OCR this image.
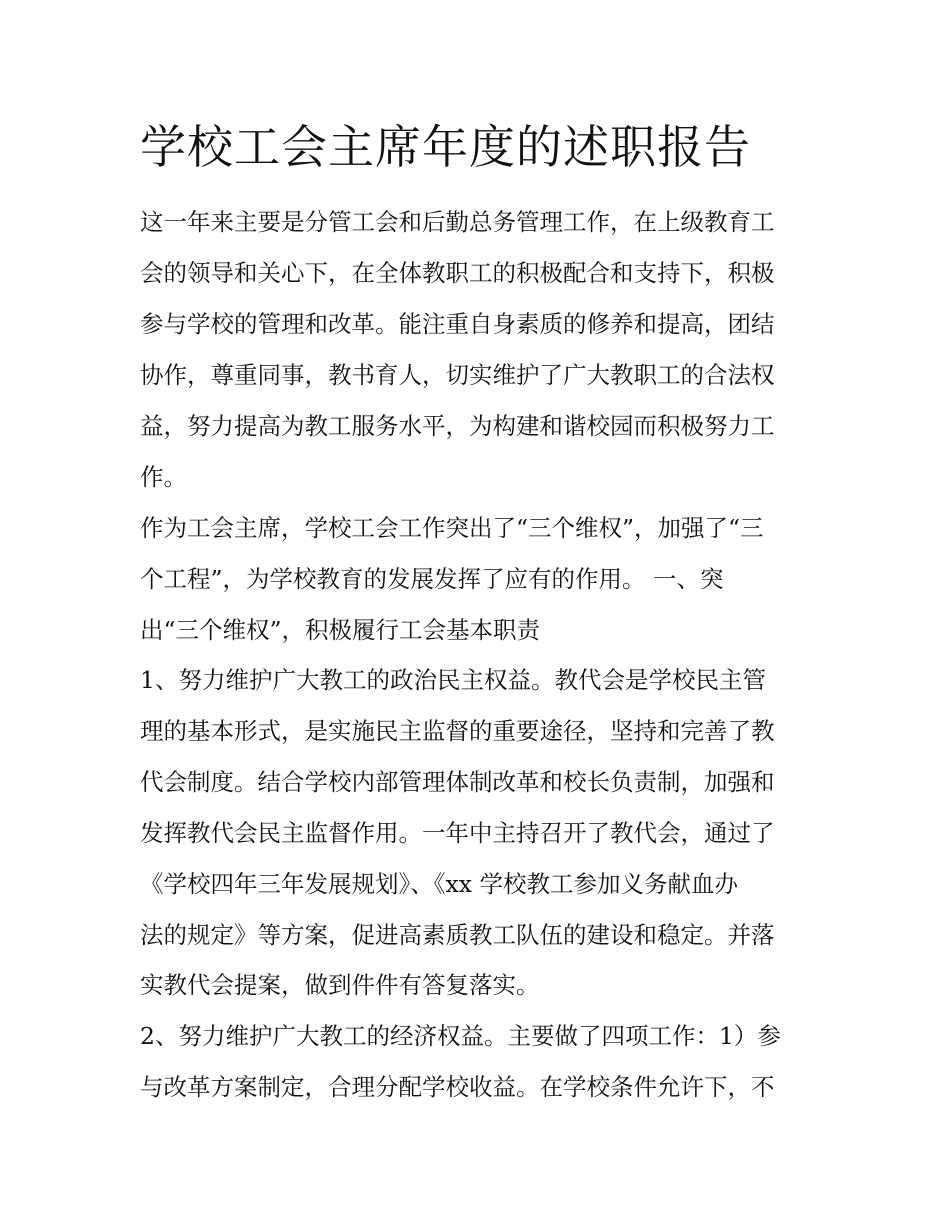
学校工会主席年度的述职报告

这一年来主要是分管工会和后勤总务管理工作，在上级教育工

会的领导和关心下，在全体教职工的积极配合和支持下，积极

参与学校的管理和改革。能注重自身素质的修养和提高，团结

协作，尊重同事，教书育人，切实维护了广大教职工的合法权

益，努力提高为教工服务水平，为构建和谐校园而积极努力工

作。

作为工会主席，学校工会工作突出了“三个维权”，加强了“三

个工程”，为学校教育的发展发挥了应有的作用。 一、突

出“三个维权”，积极履行工会基本职责

1、努力维护广大教工的政治民主权益。教代会是学校民主管

理的基本形式，是实施民主监督的重要途径，坚持和完善了教

代会制度。结合学校内部管理体制改革和校长负责制，加强和

发挥教代会民主监督作用。一年中主持召开了教代会，通过了

《学校四年三年发展规划》、《xx 学校教工参加义务献血办

法的规定》等方案，促进高素质教工队伍的建设和稳定。并落

实教代会提案，做到件件有答复落实。

2、努力维护广大教工的经济权益。主要做了四项工作：1）参

与改革方案制定，合理分配学校收益。在学校条件允许下，不
